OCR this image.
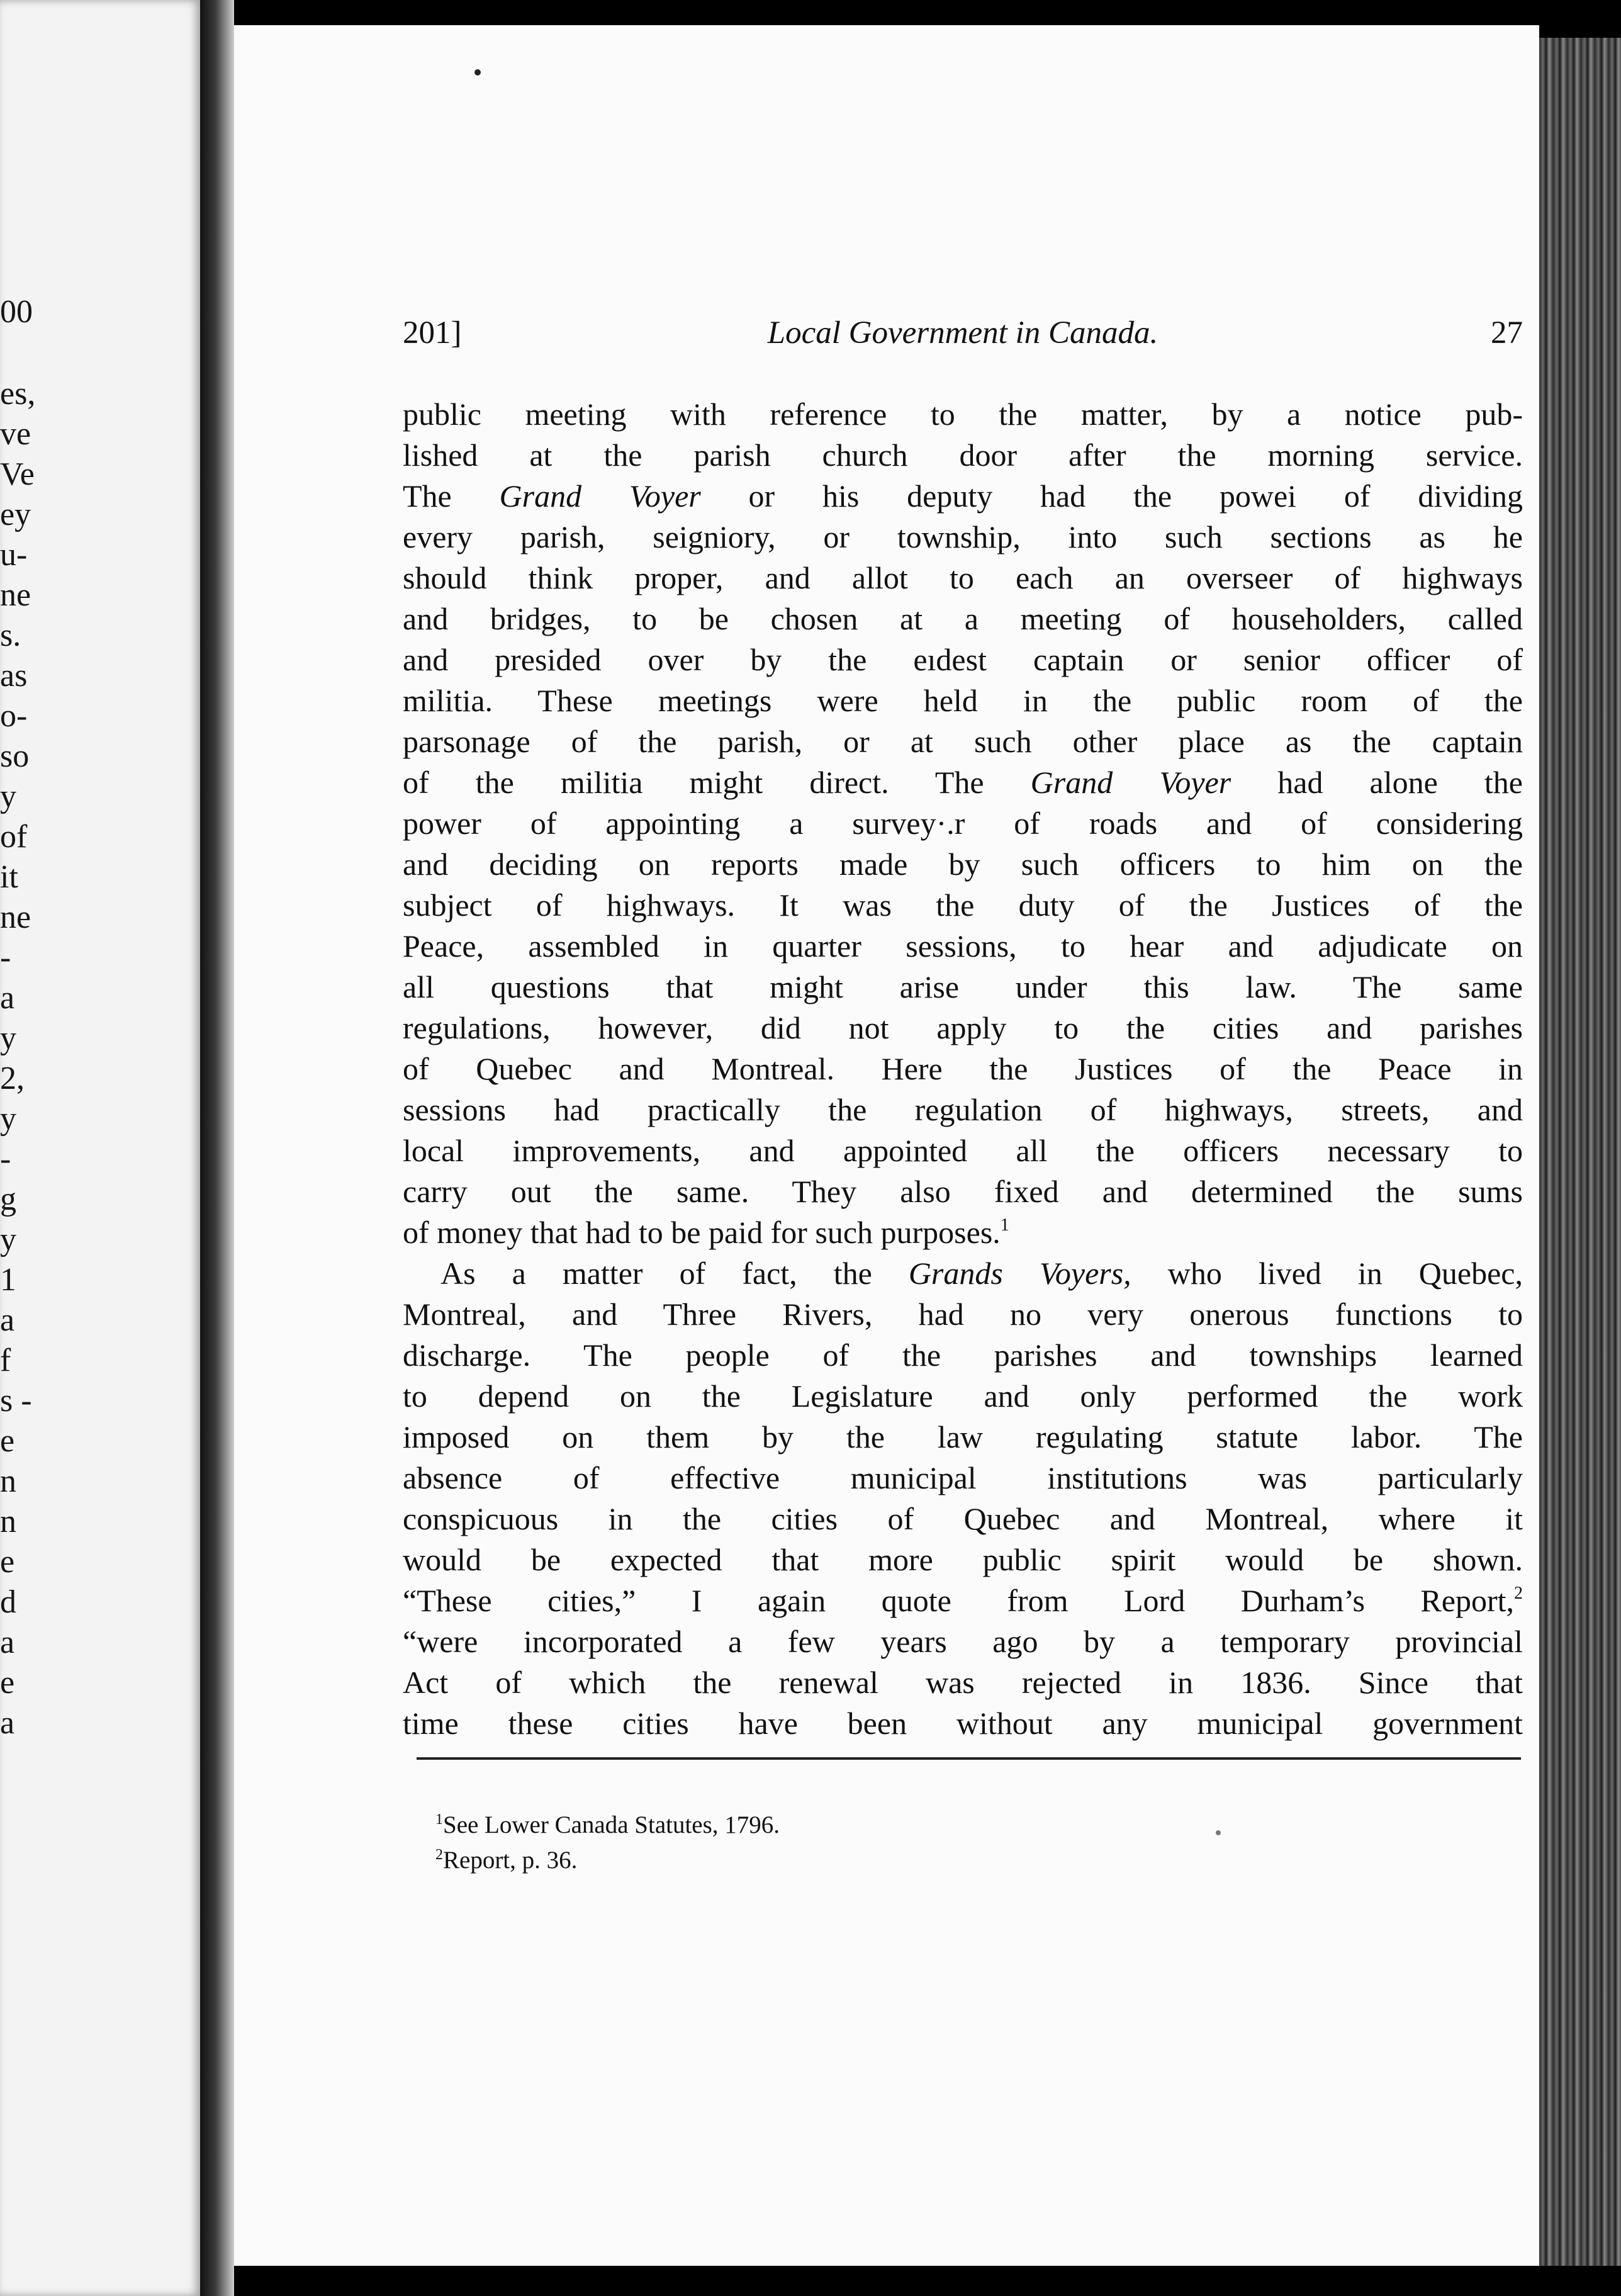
00
es,
ve
Ve
ey
u-
ne
s.
as
o-
so
y
of
it
ne
-
a
y
2,
y
-
g
y
1
a
f
s -
e
n
n
e
d
a
e
a
201]	Local Government in Canada.	27
public meeting with reference to the matter, by a notice pub-
lished at the parish church door after the morning service.
The Grand Voyer or his deputy had the powei of dividing
every parish, seigniory, or township, into such sections as he
should think proper, and allot to each an overseer of highways
and bridges, to be chosen at a meeting of householders, called
and presided over by the eıdest captain or senior officer of
militia. These meetings were held in the public room of the
parsonage of the parish, or at such other place as the captain
of the militia might direct. The Grand Voyer had alone the
power of appointing a survey·.r of roads and of considering
and deciding on reports made by such officers to him on the
subject of highways. It was the duty of the Justices of the
Peace, assembled in quarter sessions, to hear and adjudicate on
all questions that might arise under this law. The same
regulations, however, did not apply to the cities and parishes
of Quebec and Montreal. Here the Justices of the Peace in
sessions had practically the regulation of highways, streets, and
local improvements, and appointed all the officers necessary to
carry out the same. They also fixed and determined the sums
of money that had to be paid for such purposes.$^1$
As a matter of fact, the Grands Voyers, who lived in Quebec,
Montreal, and Three Rivers, had no very onerous functions to
discharge. The people of the parishes and townships learned
to depend on the Legislature and only performed the work
imposed on them by the law regulating statute labor. The
absence of effective municipal institutions was particularly
conspicuous in the cities of Quebec and Montreal, where it
would be expected that more public spirit would be shown.
“These cities,” I again quote from Lord Durham’s Report,$^2$
“were incorporated a few years ago by a temporary provincial
Act of which the renewal was rejected in 1836. Since that
time these cities have been without any municipal government
$^1$See Lower Canada Statutes, 1796.
$^2$Report, p. 36.
